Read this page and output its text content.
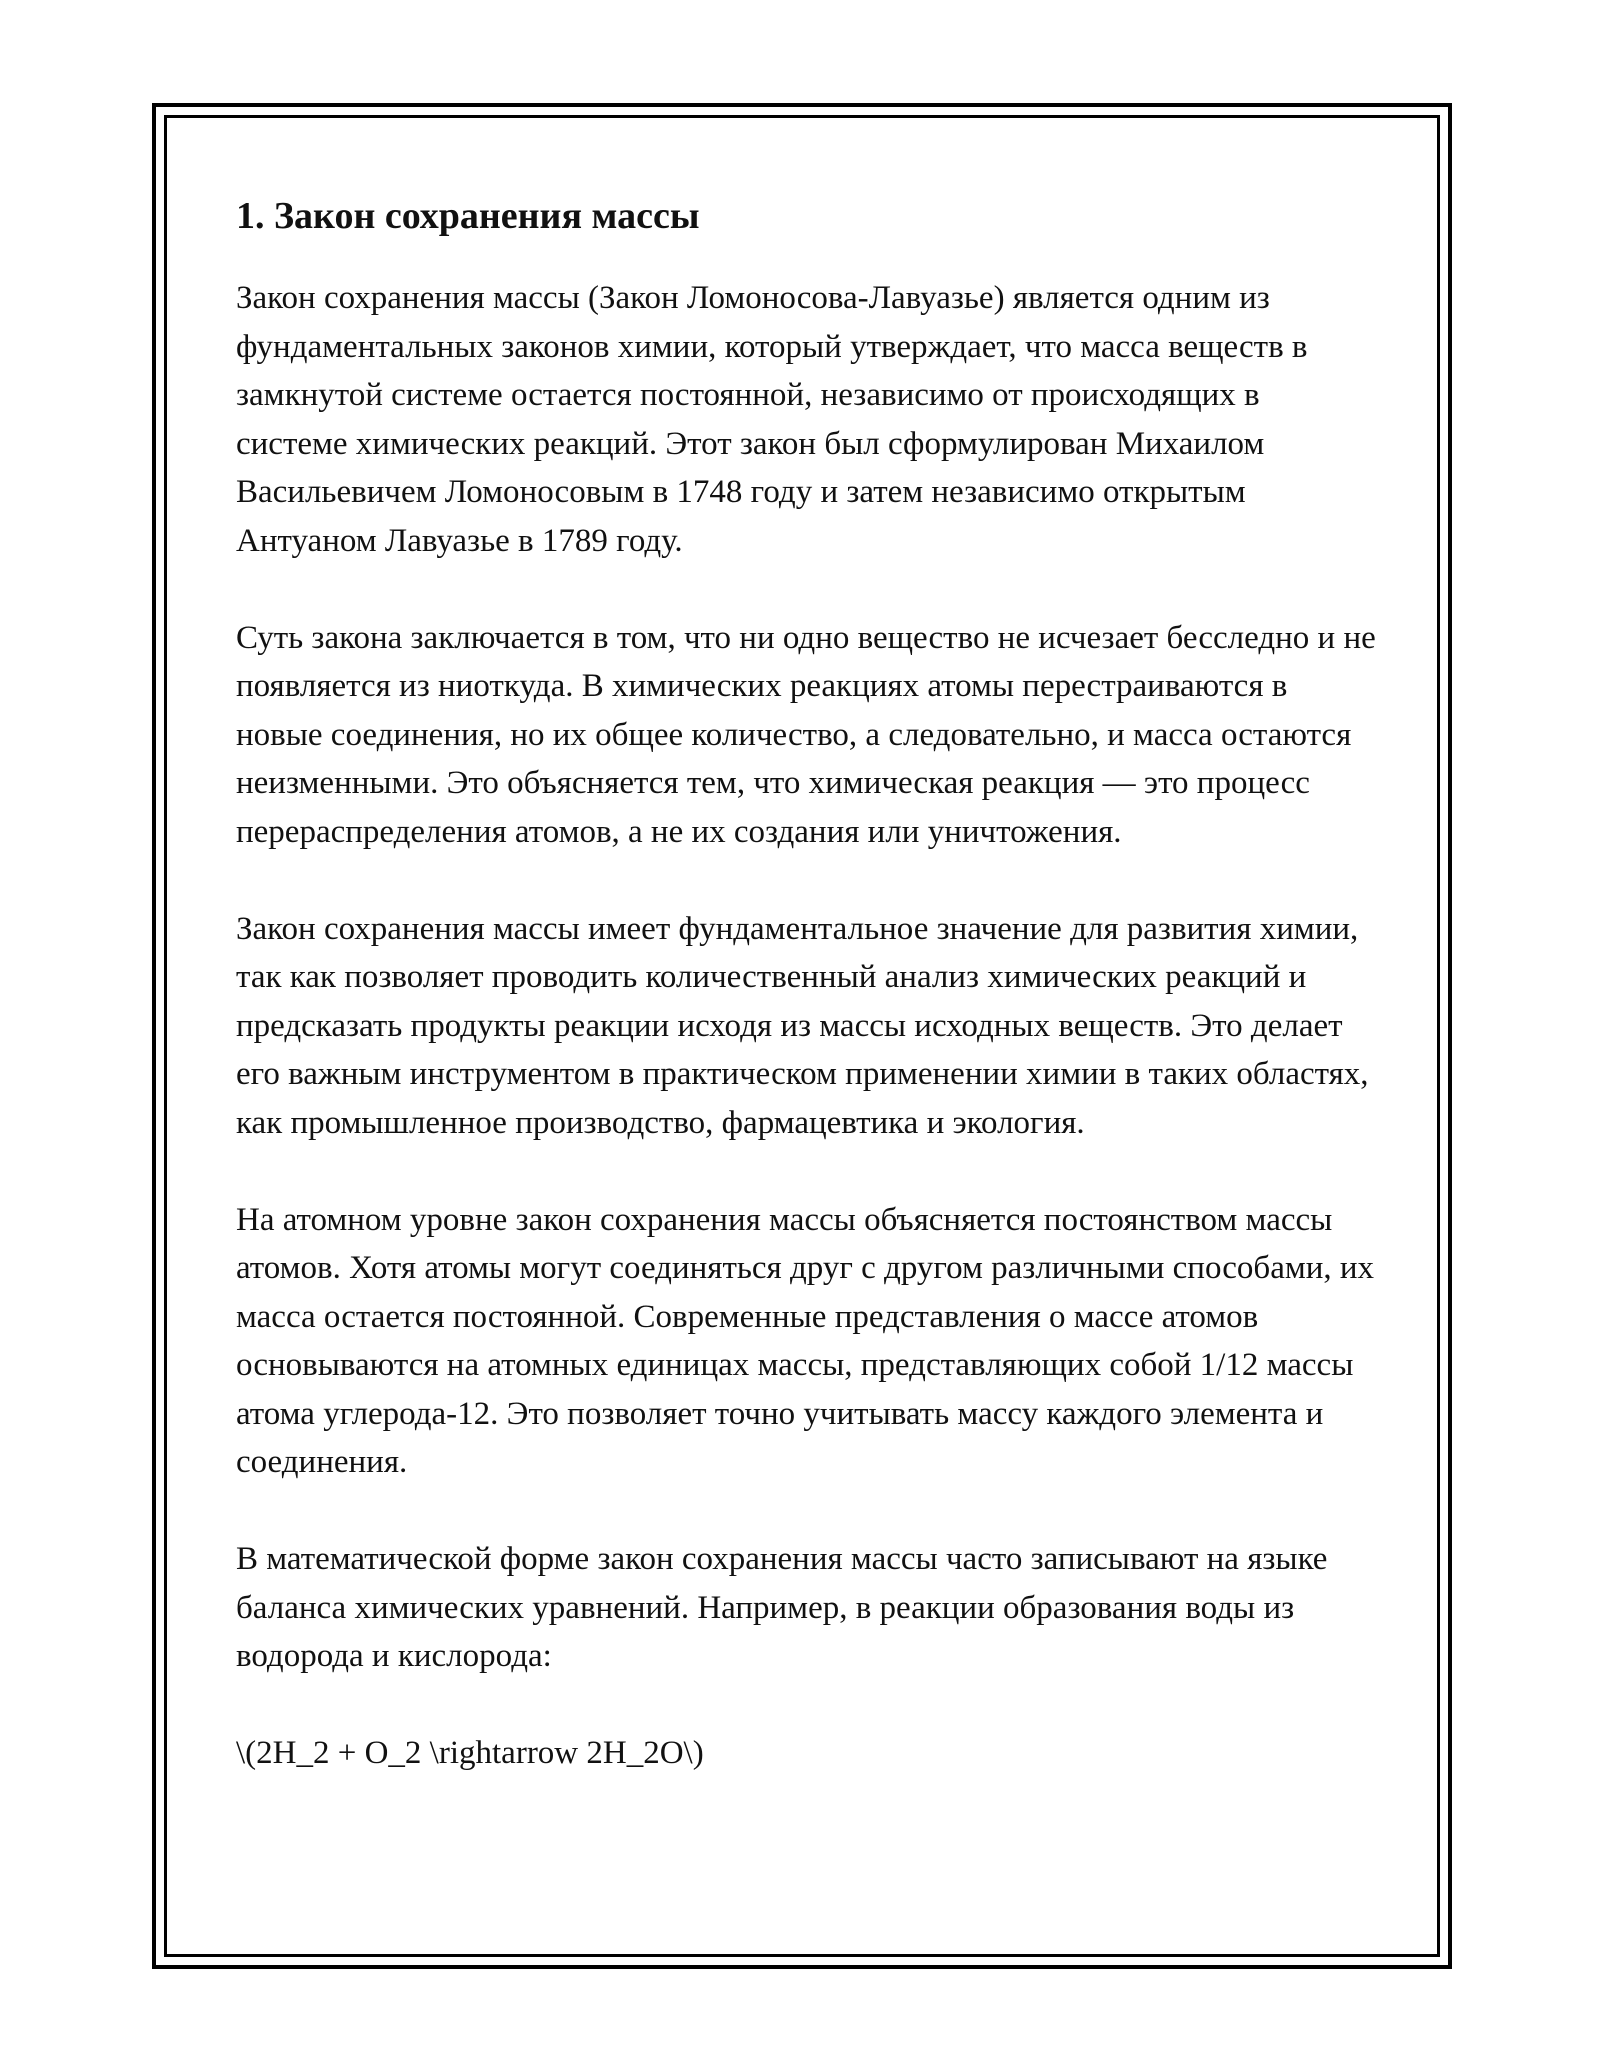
1. Закон сохранения массы

Закон сохранения массы (Закон Ломоносова-Лавуазье) является одним из фундаментальных законов химии, который утверждает, что масса веществ в замкнутой системе остается постоянной, независимо от происходящих в системе химических реакций. Этот закон был сформулирован Михаилом Васильевичем Ломоносовым в 1748 году и затем независимо открытым Антуаном Лавуазье в 1789 году.

Суть закона заключается в том, что ни одно вещество не исчезает бесследно и не появляется из ниоткуда. В химических реакциях атомы перестраиваются в новые соединения, но их общее количество, а следовательно, и масса остаются неизменными. Это объясняется тем, что химическая реакция — это процесс перераспределения атомов, а не их создания или уничтожения.

Закон сохранения массы имеет фундаментальное значение для развития химии, так как позволяет проводить количественный анализ химических реакций и предсказать продукты реакции исходя из массы исходных веществ. Это делает его важным инструментом в практическом применении химии в таких областях, как промышленное производство, фармацевтика и экология.

На атомном уровне закон сохранения массы объясняется постоянством массы атомов. Хотя атомы могут соединяться друг с другом различными способами, их масса остается постоянной. Современные представления о массе атомов основываются на атомных единицах массы, представляющих собой 1/12 массы атома углерода-12. Это позволяет точно учитывать массу каждого элемента и соединения.

В математической форме закон сохранения массы часто записывают на языке баланса химических уравнений. Например, в реакции образования воды из водорода и кислорода:

\(2H_2 + O_2 \rightarrow 2H_2O\)
